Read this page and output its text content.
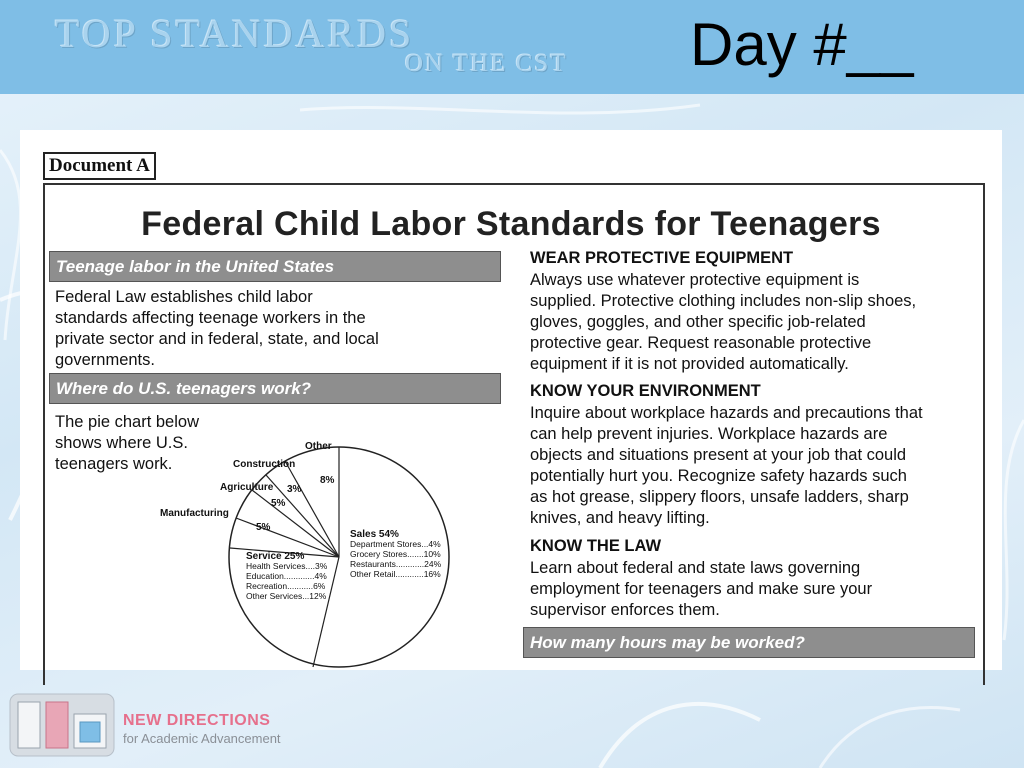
TOP STANDARDS
ON THE CST Day #__
Document A
Federal Child Labor Standards for Teenagers
Teenage labor in the United States
Federal Law establishes child labor
standards affecting teenage workers in the
private sector and in federal, state, and local
governments.
Where do U.S. teenagers work?
The pie chart below
shows where U.S.
teenagers work.
Other
Construction
Agriculture
Manufacturing
8%
3%
5%
5%
Sales 54%
Department Stores...4%
Grocery Stores.......10%
Restaurants............24%
Other Retail............16%
Service 25%
Health Services....3%
Education.............4%
Recreation...........6%
Other Services...12%
WEAR PROTECTIVE EQUIPMENT
Always use whatever protective equipment is
supplied. Protective clothing includes non-slip shoes,
gloves, goggles, and other specific job-related
protective gear. Request reasonable protective
equipment if it is not provided automatically.
KNOW YOUR ENVIRONMENT
Inquire about workplace hazards and precautions that
can help prevent injuries. Workplace hazards are
objects and situations present at your job that could
potentially hurt you. Recognize safety hazards such
as hot grease, slippery floors, unsafe ladders, sharp
knives, and heavy lifting.
KNOW THE LAW
Learn about federal and state laws governing
employment for teenagers and make sure your
supervisor enforces them.
How many hours may be worked?
NEW DIRECTIONS
for Academic Advancement
